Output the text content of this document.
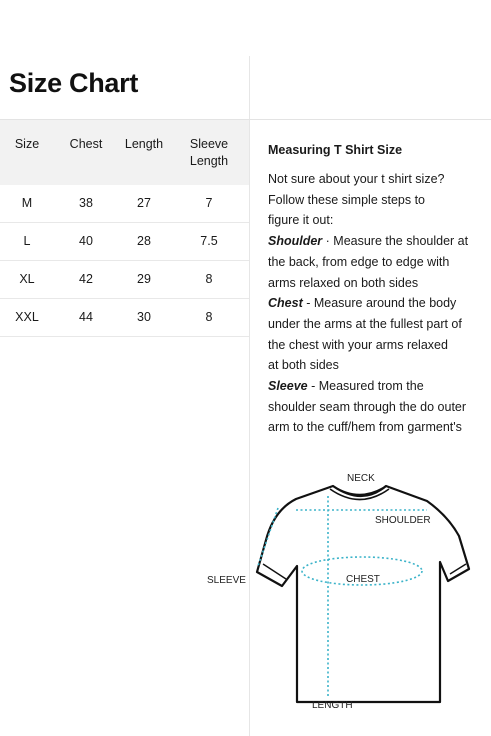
Size Chart
Size	Chest	Length	Sleeve
Length
M	38	27	7
L	40	28	7.5
XL	42	29	8
XXL	44	30	8
Measuring T Shirt Size

Not sure about your t shirt size?

Follow these simple steps to

figure it out:

Shoulder · Measure the shoulder at

the back, from edge to edge with

arms relaxed on both sides

Chest - Measure around the body

under the arms at the fullest part of

the chest with your arms relaxed

at both sides

Sleeve - Measured trom the

shoulder seam through the do outer

arm to the cuff/hem from garment's

NECK
SHOULDER
CHEST
SLEEVE
LENGTH
